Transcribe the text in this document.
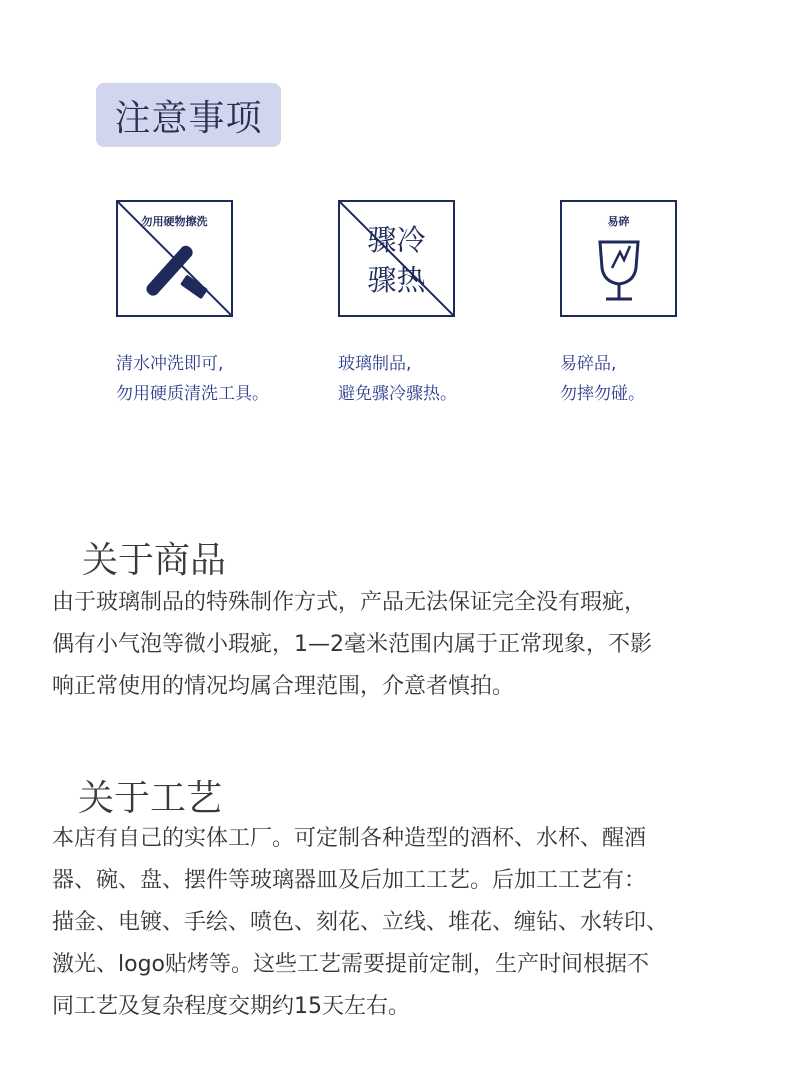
注意事项
勿用硬物擦洗
清水冲洗即可,
勿用硬质清洗工具。
骤冷
骤热
玻璃制品,
避免骤冷骤热。
易碎
易碎品,
勿摔勿碰。
关于商品
由于玻璃制品的特殊制作方式，产品无法保证完全没有瑕疵，
偶有小气泡等微小瑕疵，1—2毫米范围内属于正常现象，不影
响正常使用的情况均属合理范围，介意者慎拍。
关于工艺
本店有自己的实体工厂。可定制各种造型的酒杯、水杯、醒酒
器、碗、盘、摆件等玻璃器皿及后加工工艺。后加工工艺有：
描金、电镀、手绘、喷色、刻花、立线、堆花、缠钻、水转印、
激光、logo贴烤等。这些工艺需要提前定制，生产时间根据不
同工艺及复杂程度交期约15天左右。
